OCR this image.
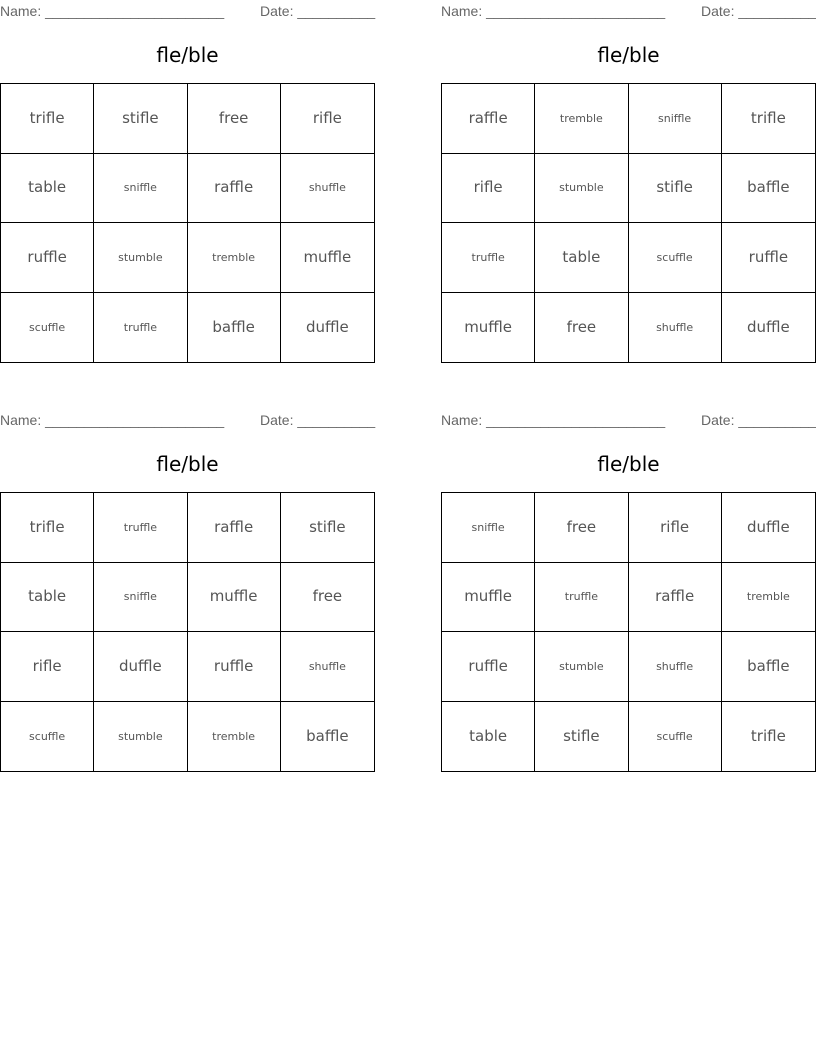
Name: _______________________	Date: __________
fle/ble
trifle	stifle	free	rifle
table	sniffle	raffle	shuffle
ruffle	stumble	tremble	muffle
scuffle	truffle	baffle	duffle
Name: _______________________	Date: __________
fle/ble
raffle	tremble	sniffle	trifle
rifle	stumble	stifle	baffle
truffle	table	scuffle	ruffle
muffle	free	shuffle	duffle
Name: _______________________	Date: __________
fle/ble
trifle	truffle	raffle	stifle
table	sniffle	muffle	free
rifle	duffle	ruffle	shuffle
scuffle	stumble	tremble	baffle
Name: _______________________	Date: __________
fle/ble
sniffle	free	rifle	duffle
muffle	truffle	raffle	tremble
ruffle	stumble	shuffle	baffle
table	stifle	scuffle	trifle
